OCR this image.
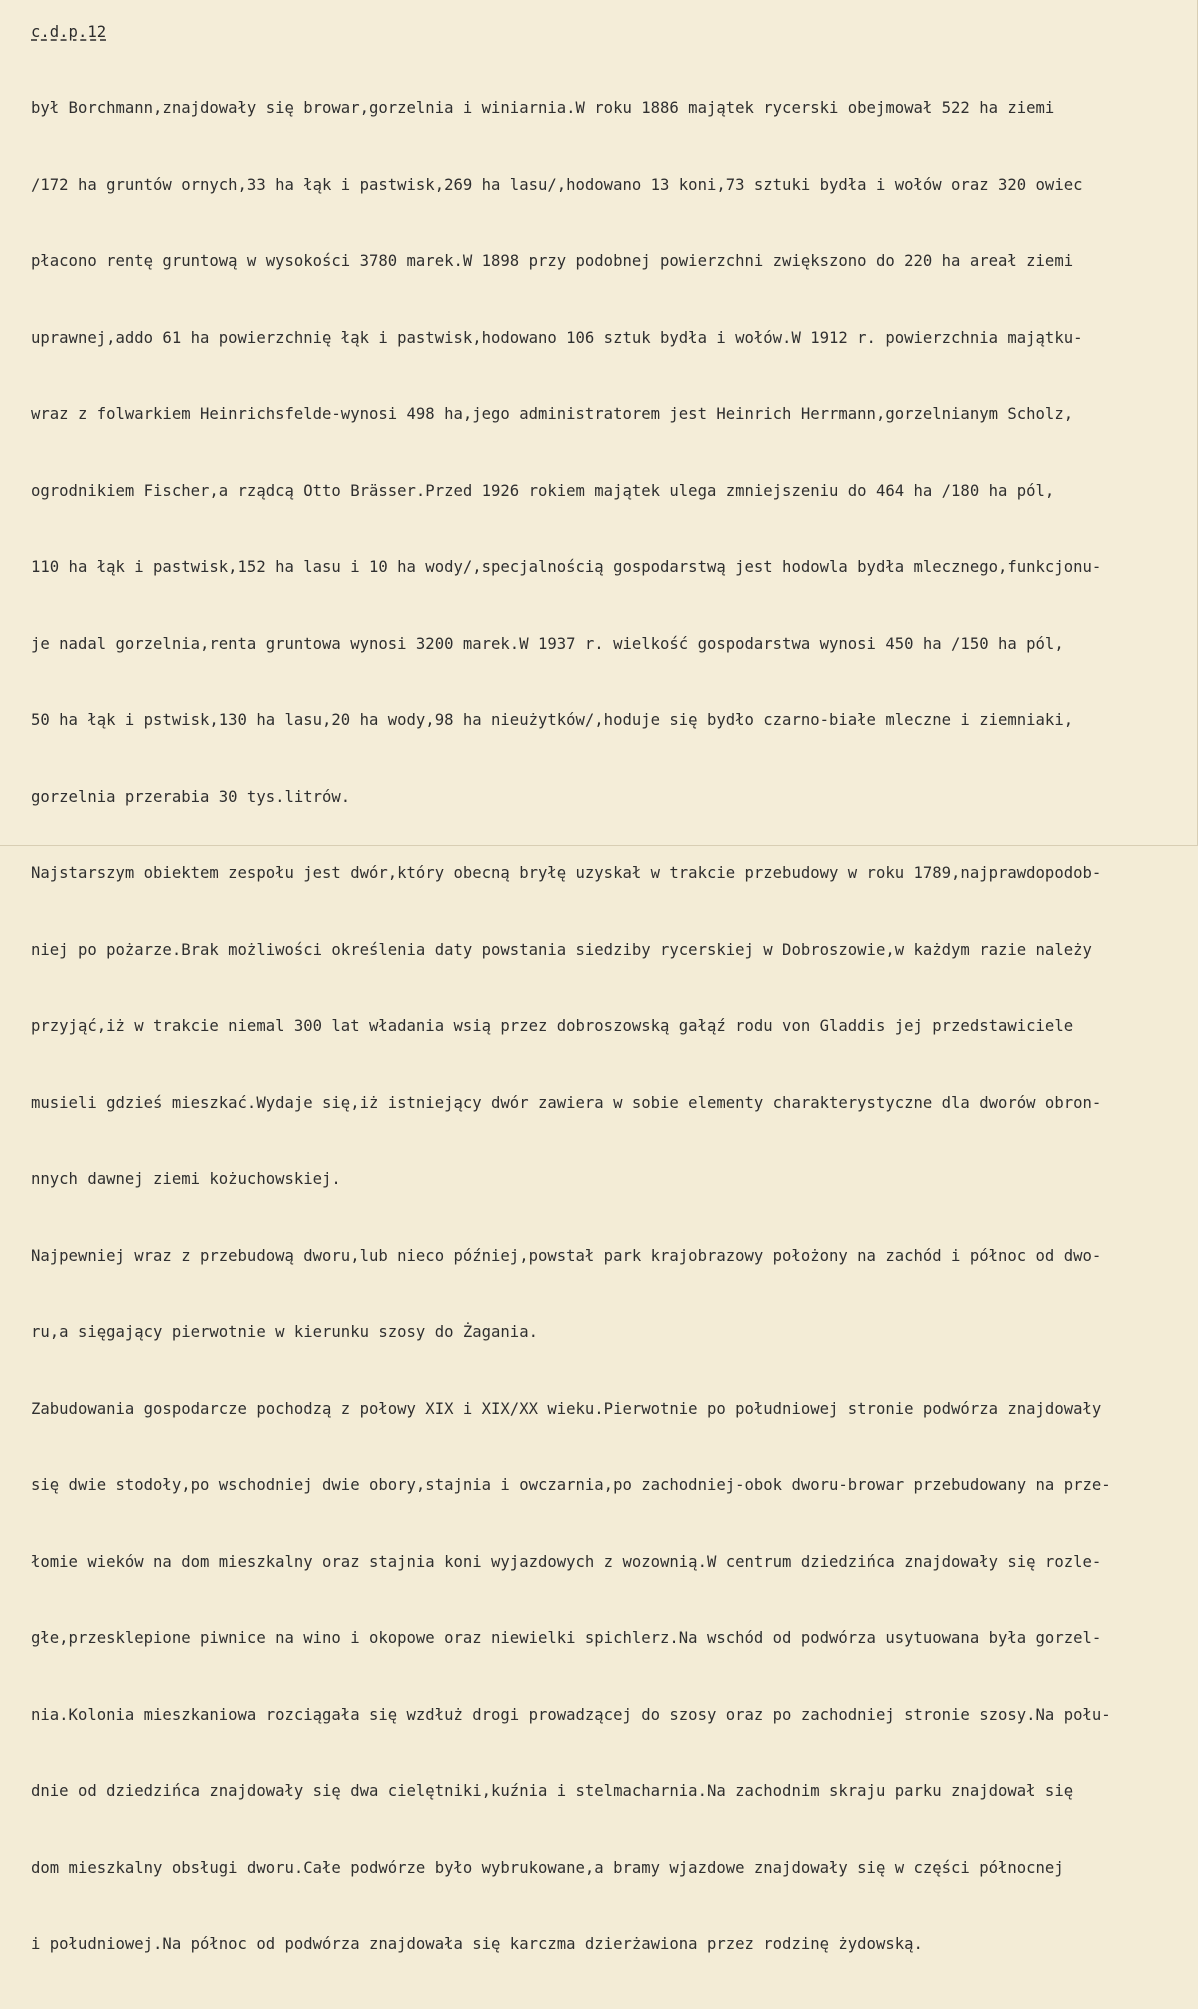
c.d.p.12

był Borchmann,znajdowały się browar,gorzelnia i winiarnia.W roku 1886 majątek rycerski obejmował 522 ha ziemi

/172 ha gruntów ornych,33 ha łąk i pastwisk,269 ha lasu/,hodowano 13 koni,73 sztuki bydła i wołów oraz 320 owiec

płacono rentę gruntową w wysokości 3780 marek.W 1898 przy podobnej powierzchni zwiększono do 220 ha areał ziemi

uprawnej,addo 61 ha powierzchnię łąk i pastwisk,hodowano 106 sztuk bydła i wołów.W 1912 r. powierzchnia majątku-

wraz z folwarkiem Heinrichsfelde-wynosi 498 ha,jego administratorem jest Heinrich Herrmann,gorzelnianym Scholz,

ogrodnikiem Fischer,a rządcą Otto Brässer.Przed 1926 rokiem majątek ulega zmniejszeniu do 464 ha /180 ha pól,

110 ha łąk i pastwisk,152 ha lasu i 10 ha wody/,specjalnością gospodarstwą jest hodowla bydła mlecznego,funkcjonu-

je nadal gorzelnia,renta gruntowa wynosi 3200 marek.W 1937 r. wielkość gospodarstwa wynosi 450 ha /150 ha pól,

50 ha łąk i pstwisk,130 ha lasu,20 ha wody,98 ha nieużytków/,hoduje się bydło czarno-białe mleczne i ziemniaki,

gorzelnia przerabia 30 tys.litrów.

Najstarszym obiektem zespołu jest dwór,który obecną bryłę uzyskał w trakcie przebudowy w roku 1789,najprawdopodob-

niej po pożarze.Brak możliwości określenia daty powstania siedziby rycerskiej w Dobroszowie,w każdym razie należy

przyjąć,iż w trakcie niemal 300 lat władania wsią przez dobroszowską gałąź rodu von Gladdis jej przedstawiciele

musieli gdzieś mieszkać.Wydaje się,iż istniejący dwór zawiera w sobie elementy charakterystyczne dla dworów obron-

nnych dawnej ziemi kożuchowskiej.

Najpewniej wraz z przebudową dworu,lub nieco później,powstał park krajobrazowy położony na zachód i północ od dwo-

ru,a sięgający pierwotnie w kierunku szosy do Żagania.

Zabudowania gospodarcze pochodzą z połowy XIX i XIX/XX wieku.Pierwotnie po południowej stronie podwórza znajdowały

się dwie stodoły,po wschodniej dwie obory,stajnia i owczarnia,po zachodniej-obok dworu-browar przebudowany na prze-

łomie wieków na dom mieszkalny oraz stajnia koni wyjazdowych z wozownią.W centrum dziedzińca znajdowały się rozle-

głe,przesklepione piwnice na wino i okopowe oraz niewielki spichlerz.Na wschód od podwórza usytuowana była gorzel-

nia.Kolonia mieszkaniowa rozciągała się wzdłuż drogi prowadzącej do szosy oraz po zachodniej stronie szosy.Na połu-

dnie od dziedzińca znajdowały się dwa cielętniki,kuźnia i stelmacharnia.Na zachodnim skraju parku znajdował się

dom mieszkalny obsługi dworu.Całe podwórze było wybrukowane,a bramy wjazdowe znajdowały się w części północnej

i południowej.Na północ od podwórza znajdowała się karczma dzierżawiona przez rodzinę żydowską.
